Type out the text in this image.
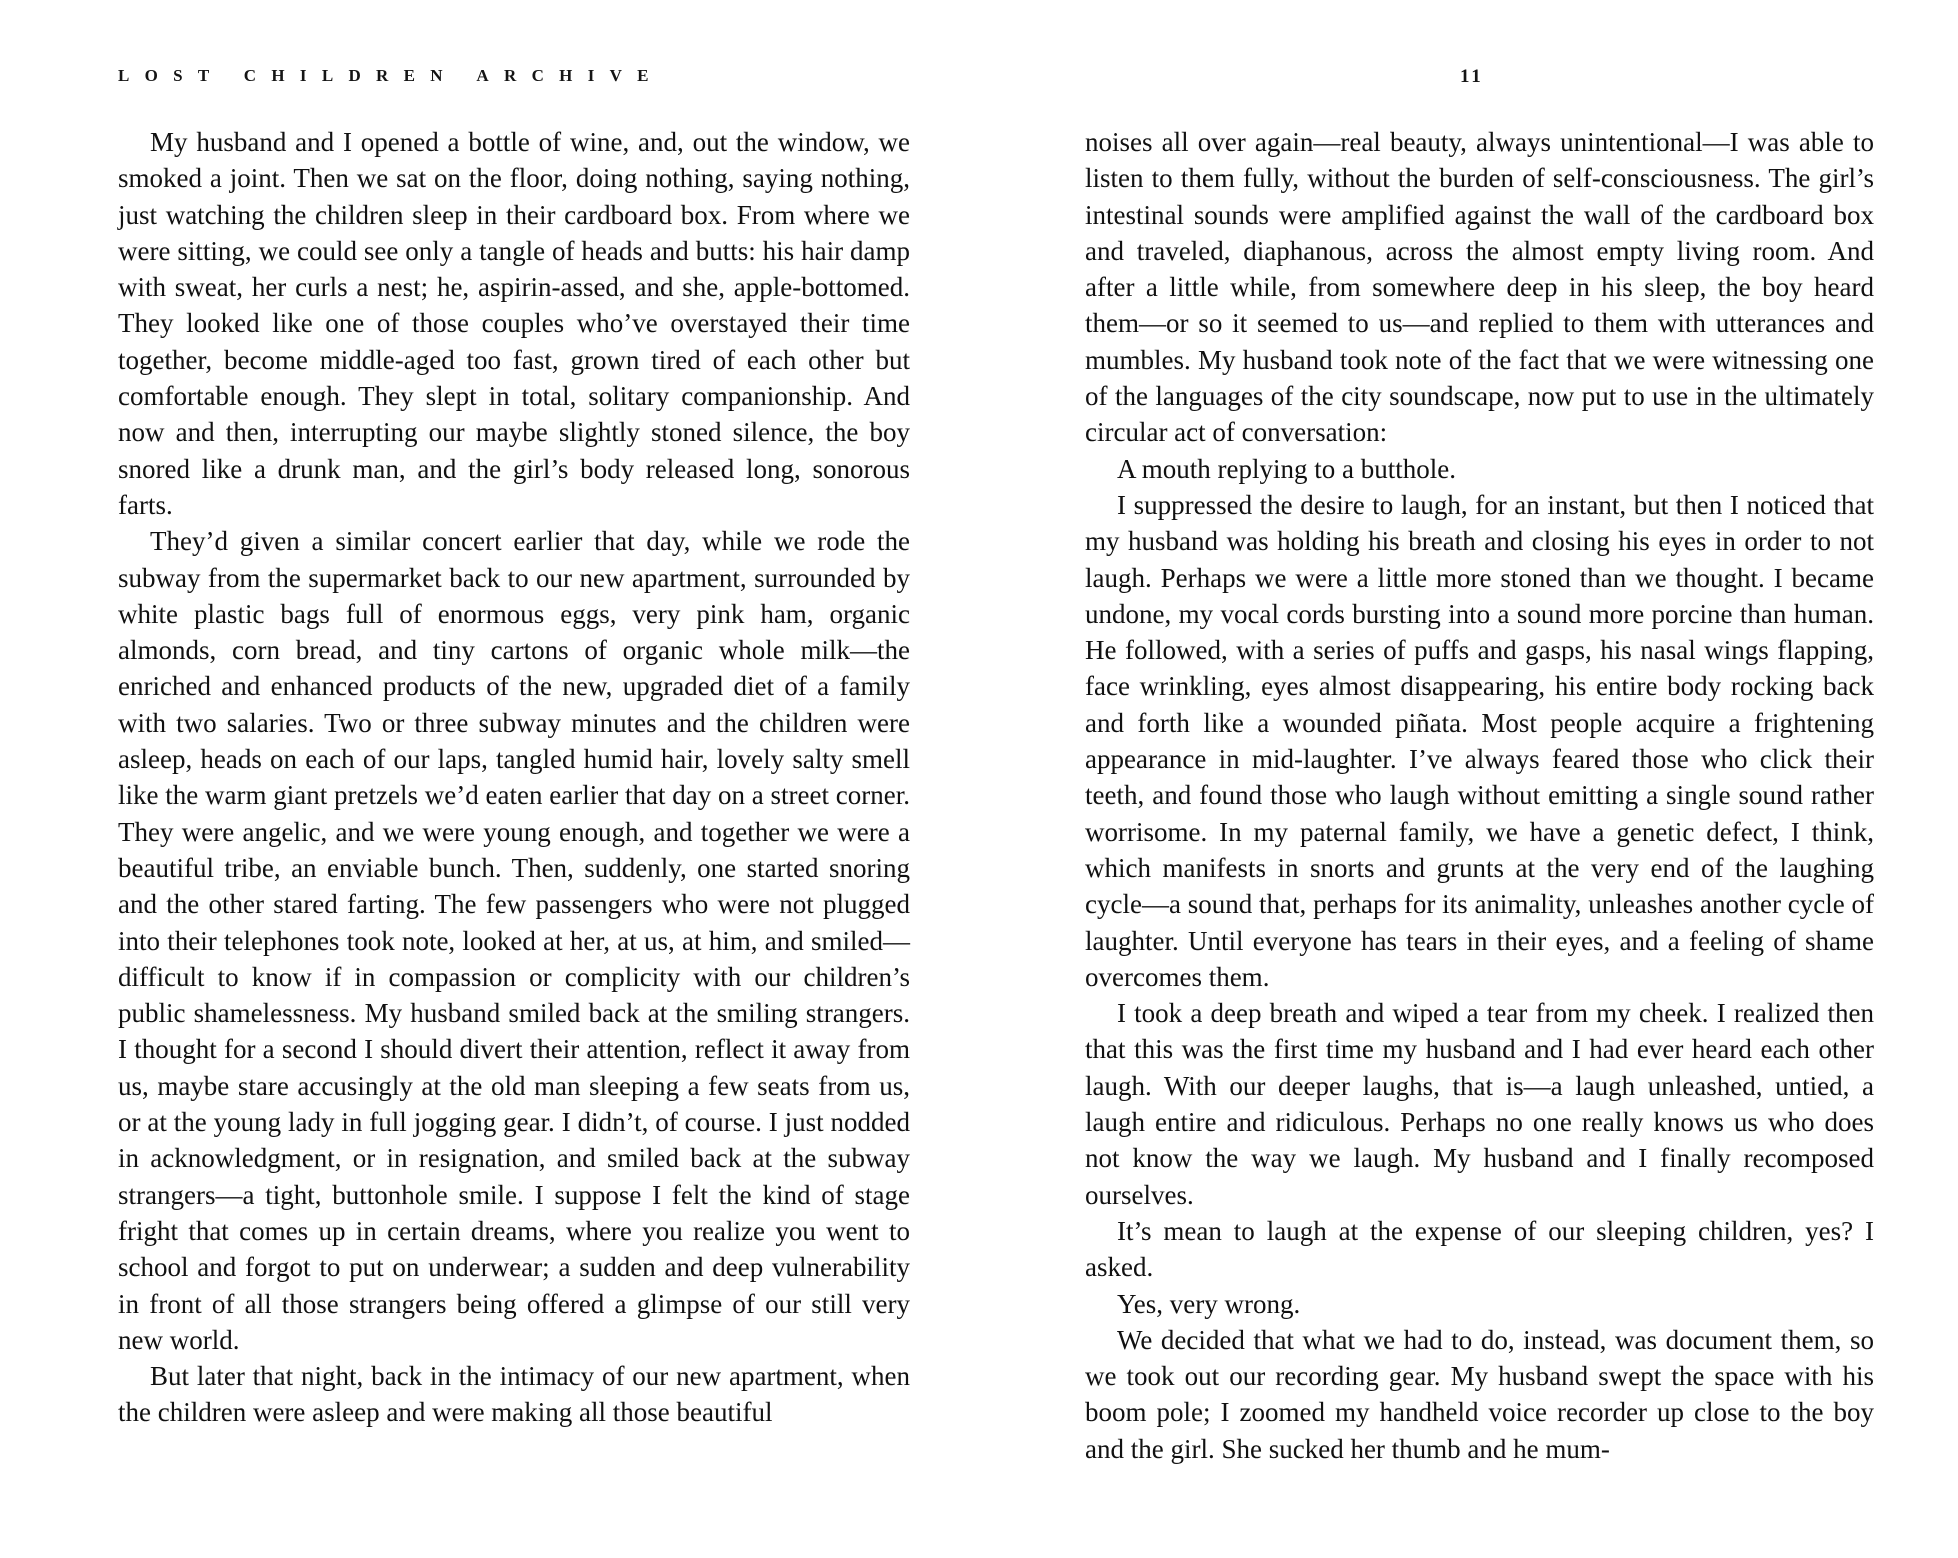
LOST CHILDREN ARCHIVE

My husband and I opened a bottle of wine, and, out the window, we smoked a joint. Then we sat on the floor, doing nothing, saying nothing, just watching the children sleep in their cardboard box. From where we were sitting, we could see only a tangle of heads and butts: his hair damp with sweat, her curls a nest; he, aspirin-assed, and she, apple-bottomed. They looked like one of those couples who’ve overstayed their time together, become middle-aged too fast, grown tired of each other but comfortable enough. They slept in total, solitary companionship. And now and then, interrupting our maybe slightly stoned silence, the boy snored like a drunk man, and the girl’s body released long, sonorous farts.

They’d given a similar concert earlier that day, while we rode the subway from the supermarket back to our new apartment, surrounded by white plastic bags full of enormous eggs, very pink ham, organic almonds, corn bread, and tiny cartons of organic whole milk—the enriched and enhanced products of the new, upgraded diet of a family with two salaries. Two or three subway minutes and the children were asleep, heads on each of our laps, tangled humid hair, lovely salty smell like the warm giant pretzels we’d eaten earlier that day on a street corner. They were angelic, and we were young enough, and together we were a beautiful tribe, an enviable bunch. Then, suddenly, one started snoring and the other stared farting. The few passengers who were not plugged into their telephones took note, looked at her, at us, at him, and smiled—difficult to know if in compassion or complicity with our children’s public shamelessness. My husband smiled back at the smiling strangers. I thought for a second I should divert their attention, reflect it away from us, maybe stare accusingly at the old man sleeping a few seats from us, or at the young lady in full jogging gear. I didn’t, of course. I just nodded in acknowledgment, or in resignation, and smiled back at the subway strangers—a tight, buttonhole smile. I suppose I felt the kind of stage fright that comes up in certain dreams, where you realize you went to school and forgot to put on underwear; a sudden and deep vulnerability in front of all those strangers being offered a glimpse of our still very new world.

But later that night, back in the intimacy of our new apartment, when the children were asleep and were making all those beautiful

11

noises all over again—real beauty, always unintentional—I was able to listen to them fully, without the burden of self-consciousness. The girl’s intestinal sounds were amplified against the wall of the cardboard box and traveled, diaphanous, across the almost empty living room. And after a little while, from somewhere deep in his sleep, the boy heard them—or so it seemed to us—and replied to them with utterances and mumbles. My husband took note of the fact that we were witnessing one of the languages of the city soundscape, now put to use in the ultimately circular act of conversation:

A mouth replying to a butthole.

I suppressed the desire to laugh, for an instant, but then I noticed that my husband was holding his breath and closing his eyes in order to not laugh. Perhaps we were a little more stoned than we thought. I became undone, my vocal cords bursting into a sound more porcine than human. He followed, with a series of puffs and gasps, his nasal wings flapping, face wrinkling, eyes almost disappearing, his entire body rocking back and forth like a wounded piñata. Most people acquire a frightening appearance in mid-laughter. I’ve always feared those who click their teeth, and found those who laugh without emitting a single sound rather worrisome. In my paternal family, we have a genetic defect, I think, which manifests in snorts and grunts at the very end of the laughing cycle—a sound that, perhaps for its animality, unleashes another cycle of laughter. Until everyone has tears in their eyes, and a feeling of shame overcomes them.

I took a deep breath and wiped a tear from my cheek. I realized then that this was the first time my husband and I had ever heard each other laugh. With our deeper laughs, that is—a laugh unleashed, untied, a laugh entire and ridiculous. Perhaps no one really knows us who does not know the way we laugh. My husband and I finally recomposed ourselves.

It’s mean to laugh at the expense of our sleeping children, yes? I asked.

Yes, very wrong.

We decided that what we had to do, instead, was document them, so we took out our recording gear. My husband swept the space with his boom pole; I zoomed my handheld voice recorder up close to the boy and the girl. She sucked her thumb and he mum-
